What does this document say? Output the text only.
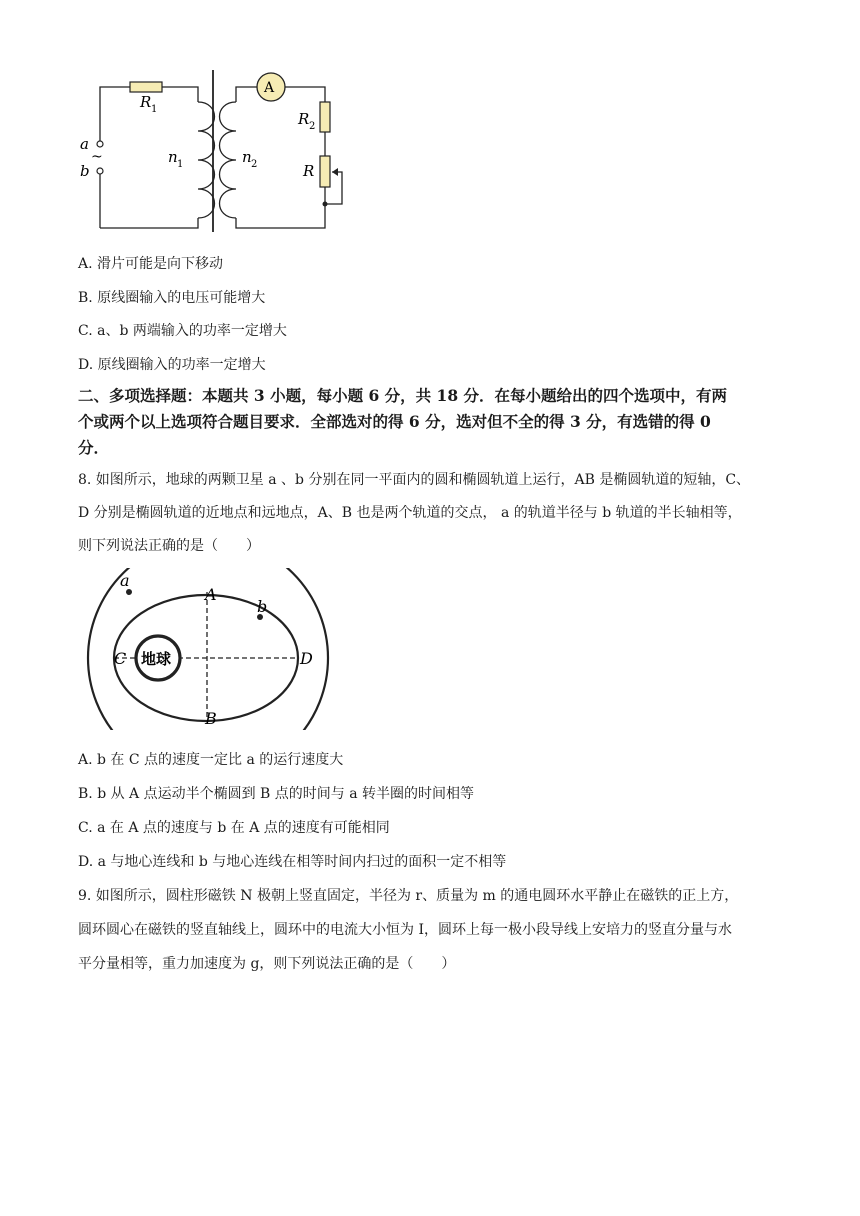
R 1
a
~
b
n 1	n 2
A
R 2
R
A. 滑片可能是向下移动
B. 原线圈输入的电压可能增大
C. a、b 两端输入的功率一定增大
D. 原线圈输入的功率一定增大
二、多项选择题：本题共 3 小题，每小题 6 分，共 18 分．在每小题给出的四个选项中，有两
个或两个以上选项符合题目要求．全部选对的得 6 分，选对但不全的得 3 分，有选错的得 0
分．
8. 如图所示，地球的两颗卫星 a 、b 分别在同一平面内的圆和椭圆轨道上运行，AB 是椭圆轨道的短轴，C、
D 分别是椭圆轨道的近地点和远地点，A、B 也是两个轨道的交点， a 的轨道半径与 b 轨道的半长轴相等，
则下列说法正确的是（　　）
地球
a
A
b
C	D
B
A. b 在 C 点的速度一定比 a 的运行速度大
B. b 从 A 点运动半个椭圆到 B 点的时间与 a 转半圈的时间相等
C. a 在 A 点的速度与 b 在 A 点的速度有可能相同
D. a 与地心连线和 b 与地心连线在相等时间内扫过的面积一定不相等
9. 如图所示，圆柱形磁铁 N 极朝上竖直固定，半径为 r、质量为 m 的通电圆环水平静止在磁铁的正上方，
圆环圆心在磁铁的竖直轴线上，圆环中的电流大小恒为 I，圆环上每一极小段导线上安培力的竖直分量与水
平分量相等，重力加速度为 g，则下列说法正确的是（　　）
